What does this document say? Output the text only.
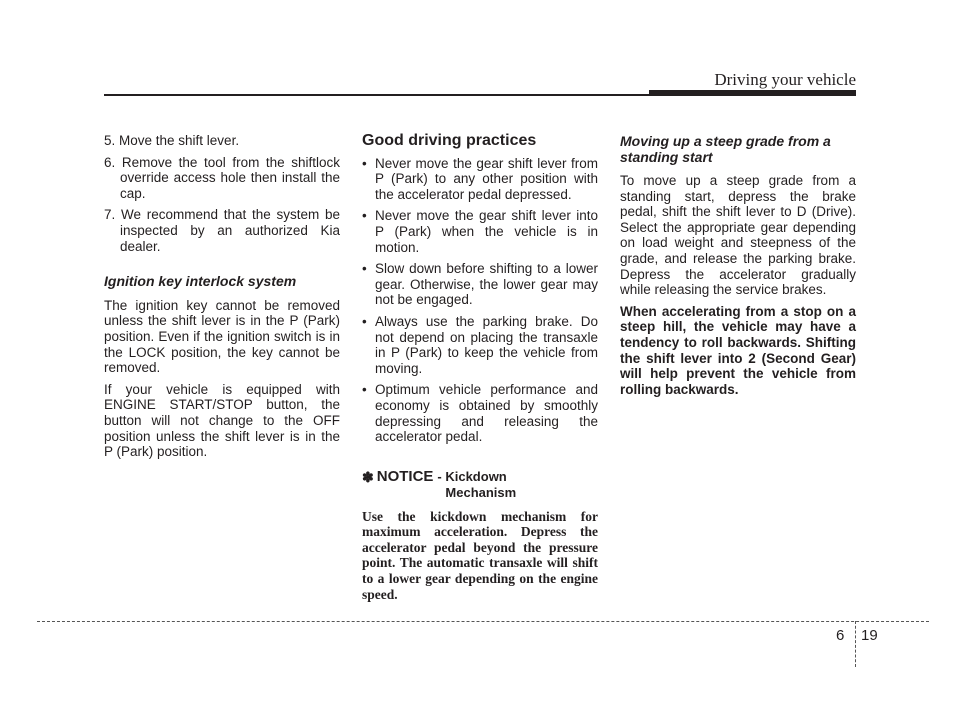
Driving your vehicle

5. Move the shift lever.

6. Remove the tool from the shiftlock override access hole then install the cap.

7. We recommend that the system be inspected by an authorized Kia dealer.

Ignition key interlock system

The ignition key cannot be removed unless the shift lever is in the P (Park) position. Even if the ignition switch is in the LOCK position, the key cannot be removed.

If your vehicle is equipped with ENGINE START/STOP button, the button will not change to the OFF position unless the shift lever is in the P (Park) position.

Good driving practices
• Never move the gear shift lever from P (Park) to any other position with the accelerator pedal depressed.
• Never move the gear shift lever into P (Park) when the vehicle is in motion.
• Slow down before shifting to a lower gear. Otherwise, the lower gear may not be engaged.
• Always use the parking brake. Do not depend on placing the transaxle in P (Park) to keep the vehicle from moving.
• Optimum vehicle performance and economy is obtained by smoothly depressing and releasing the accelerator pedal.
✽ NOTICE - Kickdown
Mechanism
Use the kickdown mechanism for maximum acceleration. Depress the accelerator pedal beyond the pressure point. The automatic transaxle will shift to a lower gear depending on the engine speed.
Moving up a steep grade from a standing start

To move up a steep grade from a standing start, depress the brake pedal, shift the shift lever to D (Drive). Select the appropriate gear depending on load weight and steepness of the grade, and release the parking brake. Depress the accelerator gradually while releasing the service brakes.

When accelerating from a stop on a steep hill, the vehicle may have a tendency to roll backwards. Shifting the shift lever into 2 (Second Gear) will help prevent the vehicle from rolling backwards.

6 19
